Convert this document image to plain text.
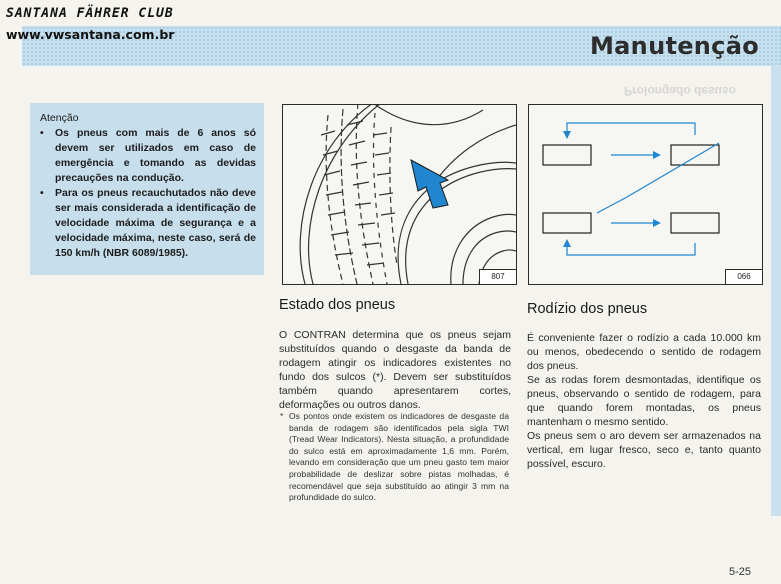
Manutenção
Prolongado desuso
SANTANA FÄHRER CLUB
www.vwsantana.com.br
Atenção
• Os pneus com mais de 6 anos só devem ser utilizados em caso de emergência e tomando as devidas precauções na condução.
• Para os pneus recauchutados não deve ser mais considerada a identificação de velocidade máxima de segurança e a velocidade máxima, neste caso, será de 150 km/h (NBR 6089/1985).
807	066
Estado dos pneus

O CONTRAN determina que os pneus sejam substituídos quando o desgaste da banda de rodagem atingir os indicadores existentes no fundo dos sulcos (*). Devem ser substituídos também quando apresentarem cortes, deformações ou outros danos.

* Os pontos onde existem os indicadores de desgaste da banda de rodagem são identificados pela sigla TWI (Tread Wear Indicators). Nesta situação, a profundidade do sulco está em aproximadamente 1,6 mm. Porém, levando em consideração que um pneu gasto tem maior probabilidade de deslizar sobre pistas molhadas, é recomendável que seja substituído ao atingir 3 mm na profundidade do sulco.
Rodízio dos pneus

É conveniente fazer o rodízio a cada 10.000 km ou menos, obedecendo o sentido de rodagem dos pneus.

Se as rodas forem desmontadas, identifique os pneus, observando o sentido de rodagem, para que quando forem montadas, os pneus mantenham o mesmo sentido.

Os pneus sem o aro devem ser armazenados na vertical, em lugar fresco, seco e, tanto quanto possível, escuro.

5-25
